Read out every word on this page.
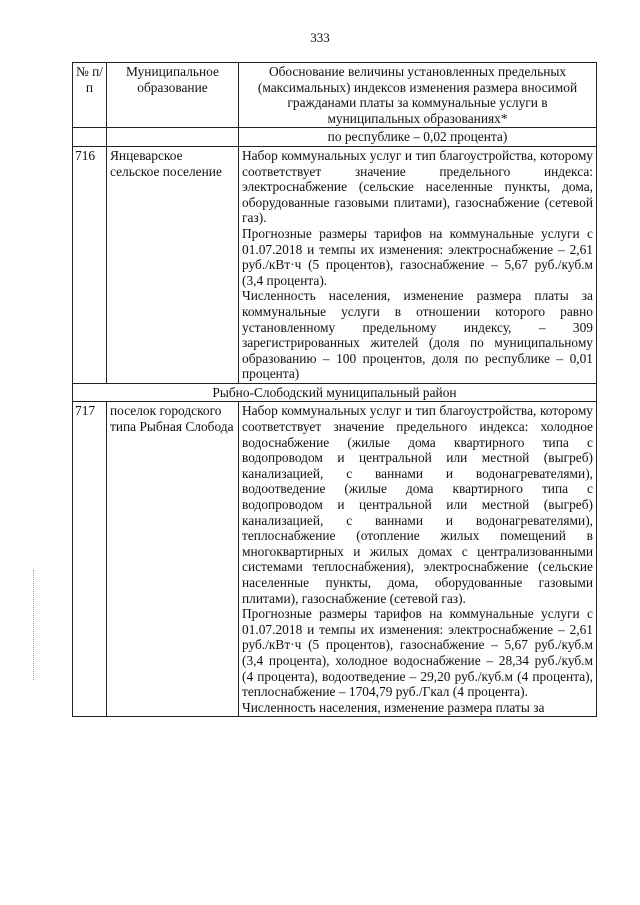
333
№ п/п	Муниципальное образование	Обоснование величины установленных предельных (максимальных) индексов изменения размера вносимой гражданами платы за коммунальные услуги в муниципальных образованиях*
		по республике – 0,02 процента)
716	Янцеварское сельское поселение	Набор коммунальных услуг и тип благоустройства, которому соответствует значение предельного индекса: электроснабжение (сельские населенные пункты, дома, оборудованные газовыми плитами), газоснабжение (сетевой газ).

Прогнозные размеры тарифов на коммунальные услуги с 01.07.2018 и темпы их изменения: электроснабжение – 2,61 руб./кВт·ч (5 процентов), газоснабжение – 5,67 руб./куб.м (3,4 процента).

Численность населения, изменение размера платы за коммунальные услуги в отношении которого равно установленному предельному индексу, – 309 зарегистрированных жителей (доля по муниципальному образованию – 100 процентов, доля по республике – 0,01 процента)

Рыбно-Слободский муниципальный район		
717	поселок городского типа Рыбная Слобода	Набор коммунальных услуг и тип благоустройства, которому соответствует значение предельного индекса: холодное водоснабжение (жилые дома квартирного типа с водопроводом и центральной или местной (выгреб) канализацией, с ваннами и водонагревателями), водоотведение (жилые дома квартирного типа с водопроводом и центральной или местной (выгреб) канализацией, с ваннами и водонагревателями), теплоснабжение (отопление жилых помещений в многоквартирных и жилых домах с централизованными системами теплоснабжения), электроснабжение (сельские населенные пункты, дома, оборудованные газовыми плитами), газоснабжение (сетевой газ).

Прогнозные размеры тарифов на коммунальные услуги с 01.07.2018 и темпы их изменения: электроснабжение – 2,61 руб./кВт·ч (5 процентов), газоснабжение – 5,67 руб./куб.м (3,4 процента), холодное водоснабжение – 28,34 руб./куб.м (4 процента), водоотведение – 29,20 руб./куб.м (4 процента), теплоснабжение – 1704,79 руб./Гкал (4 процента).

Численность населения, изменение размера платы за
